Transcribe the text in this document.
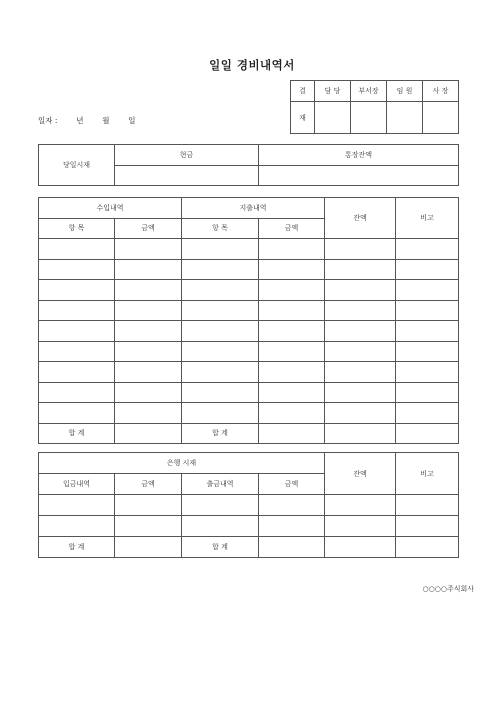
일일 경비내역서
일자 :	년	월	일
결	담 당	부서장	임 원	사 장
재				
당일시재	현금	통장잔액

수입내역		지출내역		잔액	비고
항 목	금액	항 목	금액		

합 계		합 계			
은행 시재				잔액	비고
입금내역	금액	출금내역	금액		

합 계		합 계			
○○○○주식회사
